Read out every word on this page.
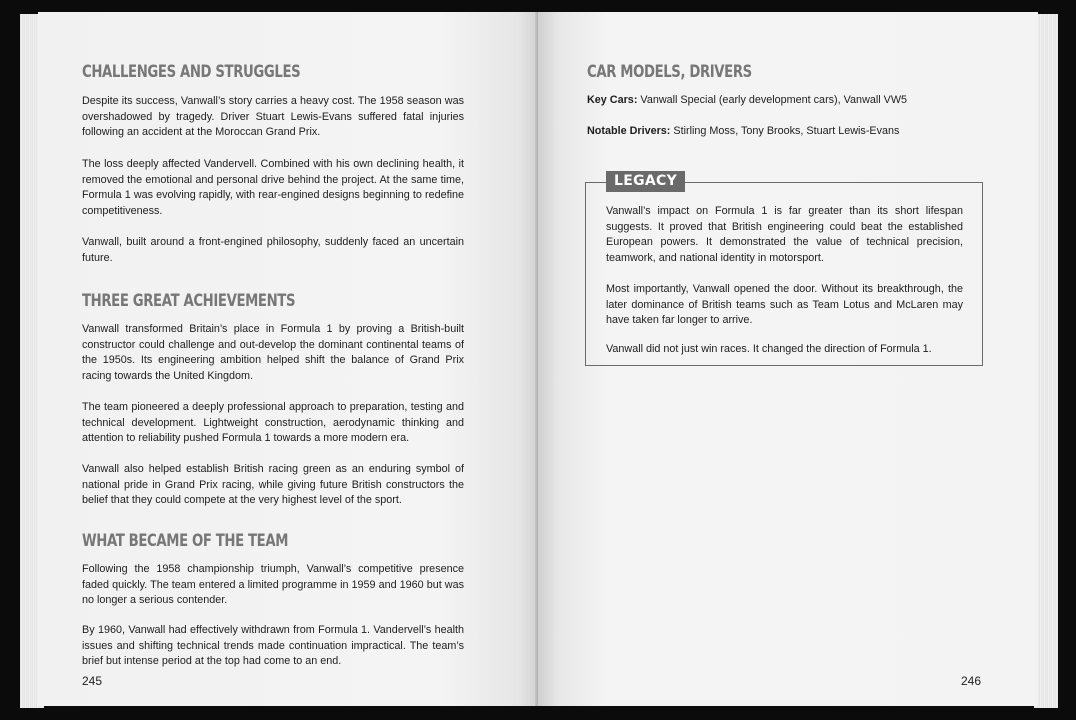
CHALLENGES AND STRUGGLES

Despite its success, Vanwall’s story carries a heavy cost. The 1958 season was overshadowed by tragedy. Driver Stuart Lewis-Evans suffered fatal injuries following an accident at the Moroccan Grand Prix.

The loss deeply affected Vandervell. Combined with his own declining health, it removed the emotional and personal drive behind the project. At the same time, Formula 1 was evolving rapidly, with rear-engined designs beginning to redefine competitiveness.

Vanwall, built around a front-engined philosophy, suddenly faced an uncertain future.

THREE GREAT ACHIEVEMENTS

Vanwall transformed Britain’s place in Formula 1 by proving a British-built constructor could challenge and out-develop the dominant continental teams of the 1950s. Its engineering ambition helped shift the balance of Grand Prix racing towards the United Kingdom.

The team pioneered a deeply professional approach to preparation, testing and technical development. Lightweight construction, aerodynamic thinking and attention to reliability pushed Formula 1 towards a more modern era.

Vanwall also helped establish British racing green as an enduring symbol of national pride in Grand Prix racing, while giving future British constructors the belief that they could compete at the very highest level of the sport.

WHAT BECAME OF THE TEAM

Following the 1958 championship triumph, Vanwall’s competitive presence faded quickly. The team entered a limited programme in 1959 and 1960 but was no longer a serious contender.

By 1960, Vanwall had effectively withdrawn from Formula 1. Vandervell’s health issues and shifting technical trends made continuation impractical. The team’s brief but intense period at the top had come to an end.

245
CAR MODELS, DRIVERS
Key Cars: Vanwall Special (early development cars), Vanwall VW5
Notable Drivers: Stirling Moss, Tony Brooks, Stuart Lewis-Evans

Vanwall’s impact on Formula 1 is far greater than its short lifespan suggests. It proved that British engineering could beat the established European powers. It demonstrated the value of technical precision, teamwork, and national identity in motorsport.

Most importantly, Vanwall opened the door. Without its breakthrough, the later dominance of British teams such as Team Lotus and McLaren may have taken far longer to arrive.

Vanwall did not just win races. It changed the direction of Formula 1.

LEGACY
246
